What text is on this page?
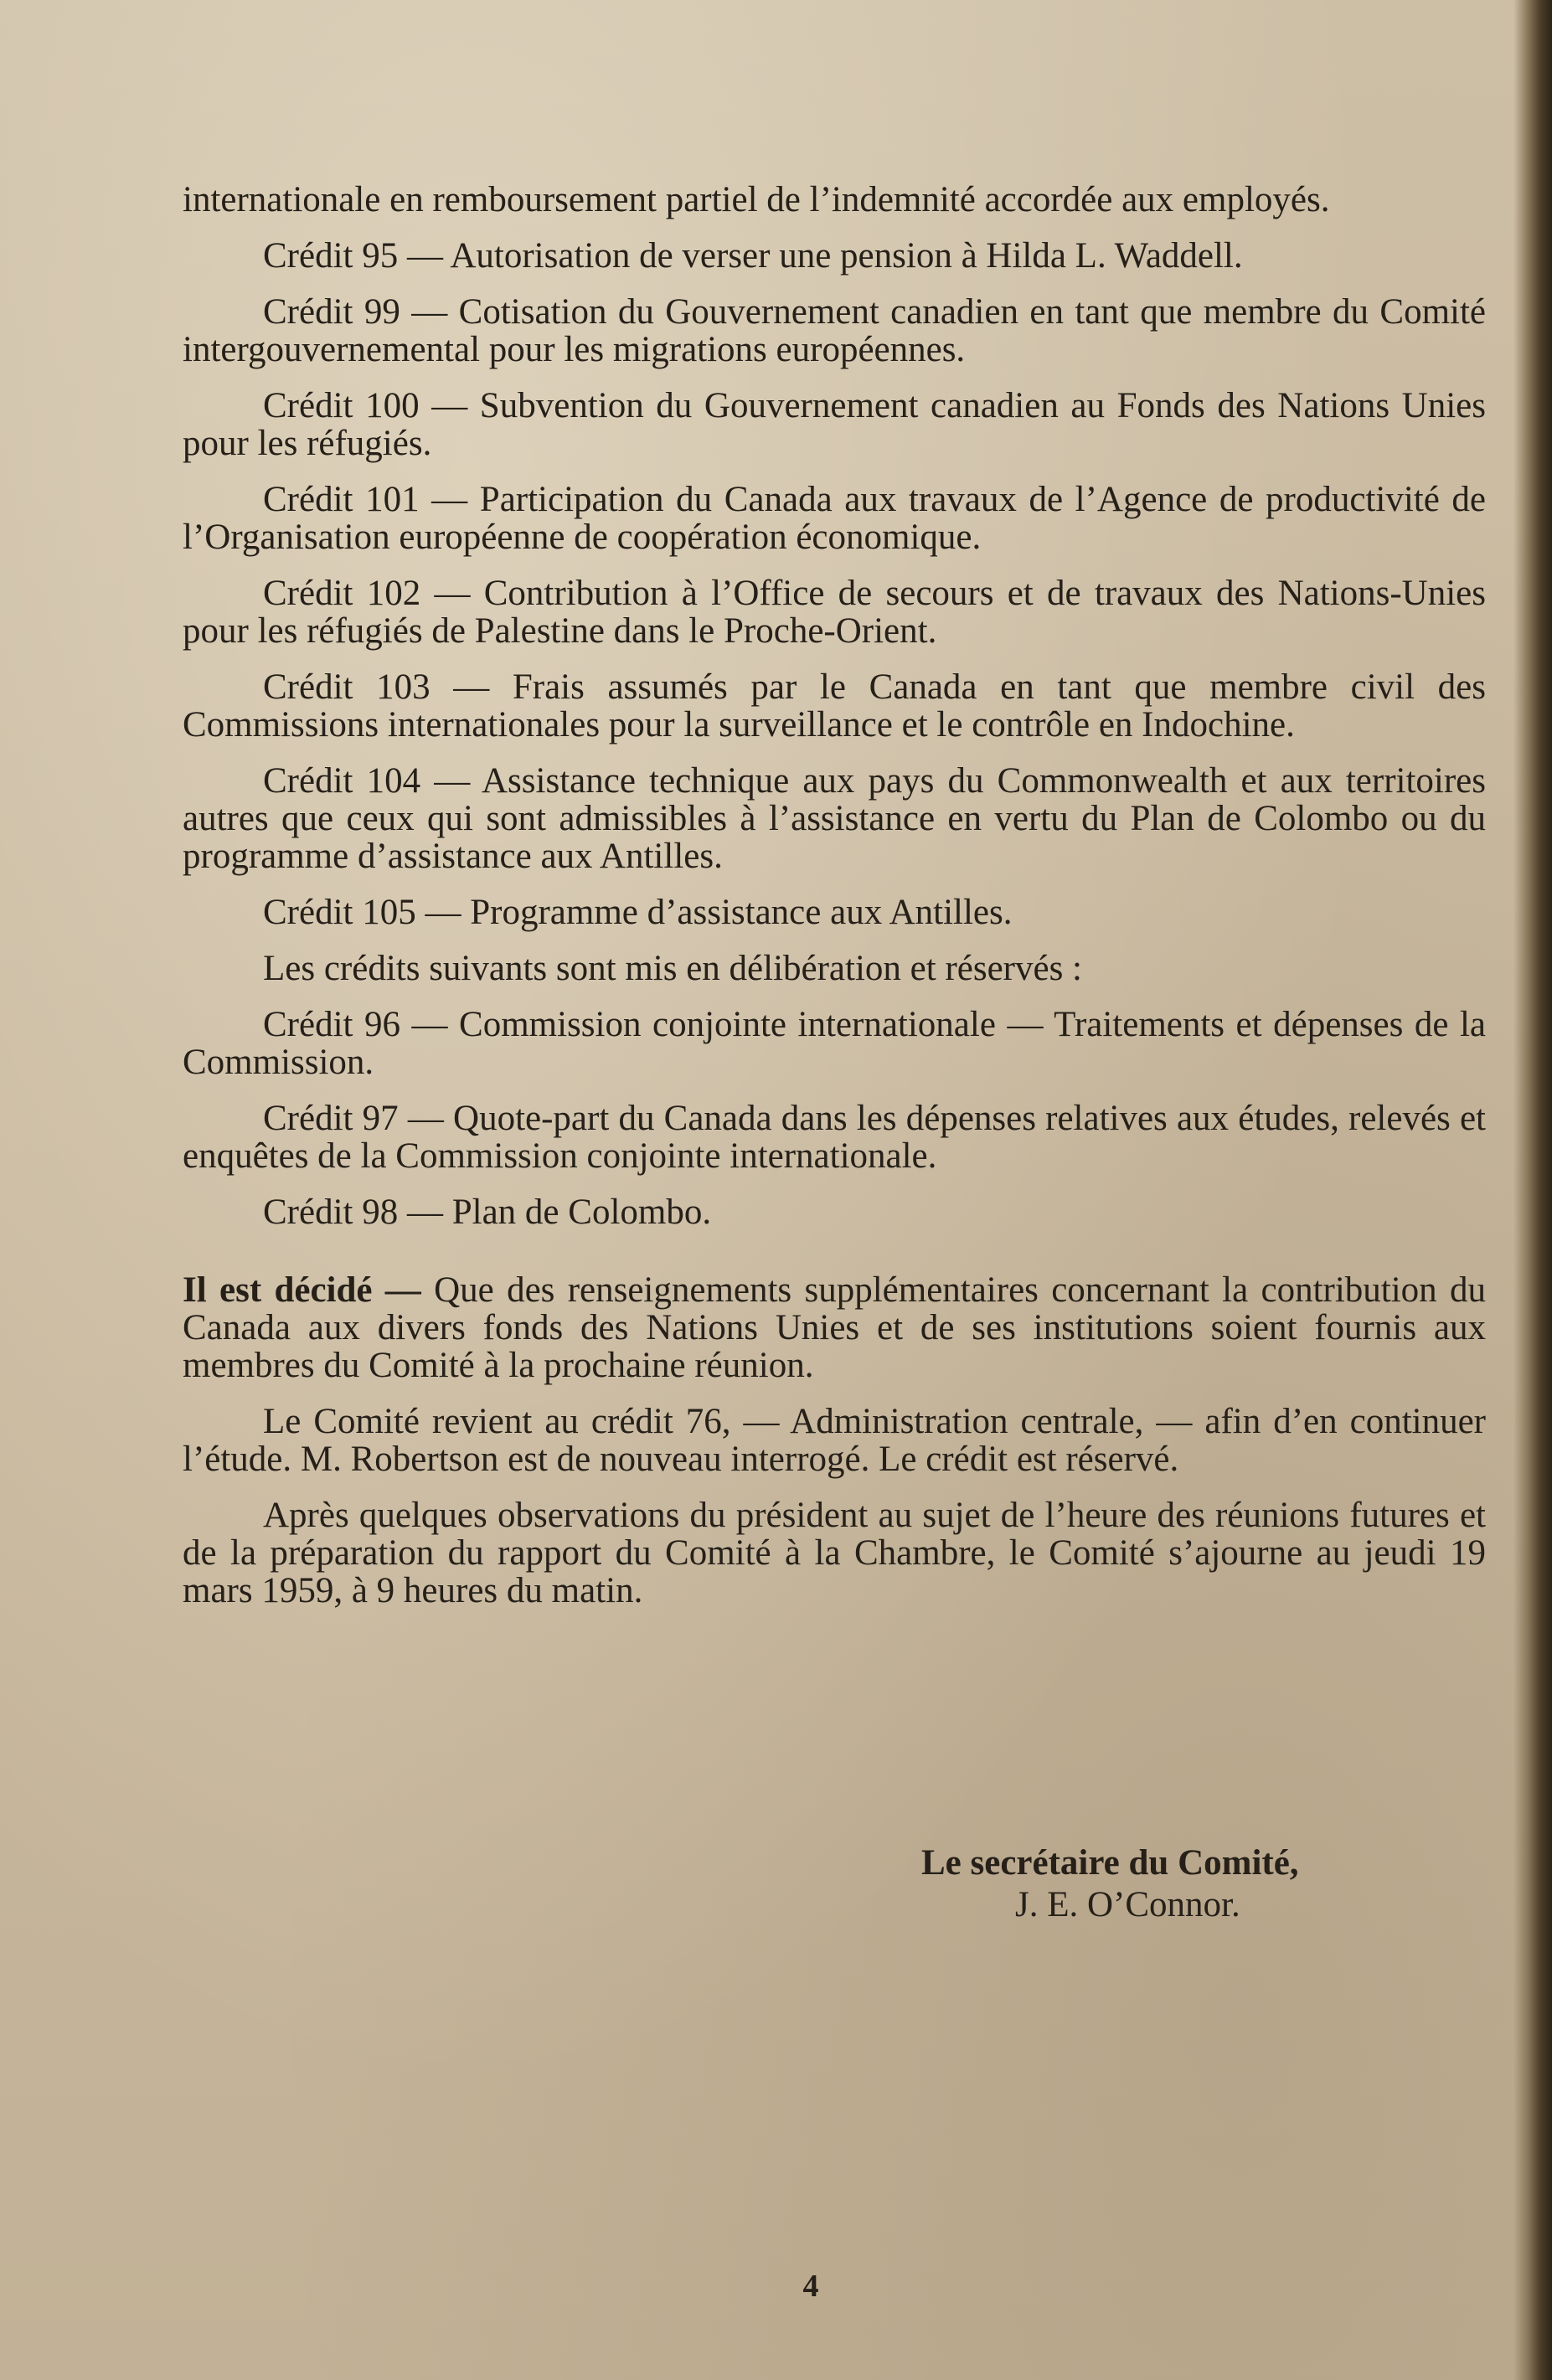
internationale en remboursement partiel de l’indemnité accordée aux employés.

Crédit 95 — Autorisation de verser une pension à Hilda L. Waddell.

Crédit 99 — Cotisation du Gouvernement canadien en tant que membre du Comité intergouvernemental pour les migrations européennes.

Crédit 100 — Subvention du Gouvernement canadien au Fonds des Nations Unies pour les réfugiés.

Crédit 101 — Participation du Canada aux travaux de l’Agence de productivité de l’Organisation européenne de coopération économique.

Crédit 102 — Contribution à l’Office de secours et de travaux des Nations-Unies pour les réfugiés de Palestine dans le Proche-Orient.

Crédit 103 — Frais assumés par le Canada en tant que membre civil des Commissions internationales pour la surveillance et le contrôle en Indochine.

Crédit 104 — Assistance technique aux pays du Commonwealth et aux territoires autres que ceux qui sont admissibles à l’assistance en vertu du Plan de Colombo ou du programme d’assistance aux Antilles.

Crédit 105 — Programme d’assistance aux Antilles.

Les crédits suivants sont mis en délibération et réservés :

Crédit 96 — Commission conjointe internationale — Traitements et dépenses de la Commission.

Crédit 97 — Quote-part du Canada dans les dépenses relatives aux études, relevés et enquêtes de la Commission conjointe internationale.

Crédit 98 — Plan de Colombo.

Il est décidé — Que des renseignements supplémentaires concernant la contribution du Canada aux divers fonds des Nations Unies et de ses institutions soient fournis aux membres du Comité à la prochaine réunion.

Le Comité revient au crédit 76, — Administration centrale, — afin d’en continuer l’étude. M. Robertson est de nouveau interrogé. Le crédit est réservé.

Après quelques observations du président au sujet de l’heure des réunions futures et de la préparation du rapport du Comité à la Chambre, le Comité s’ajourne au jeudi 19 mars 1959, à 9 heures du matin.

Le secrétaire du Comité,
J. E. O’Connor.
4
